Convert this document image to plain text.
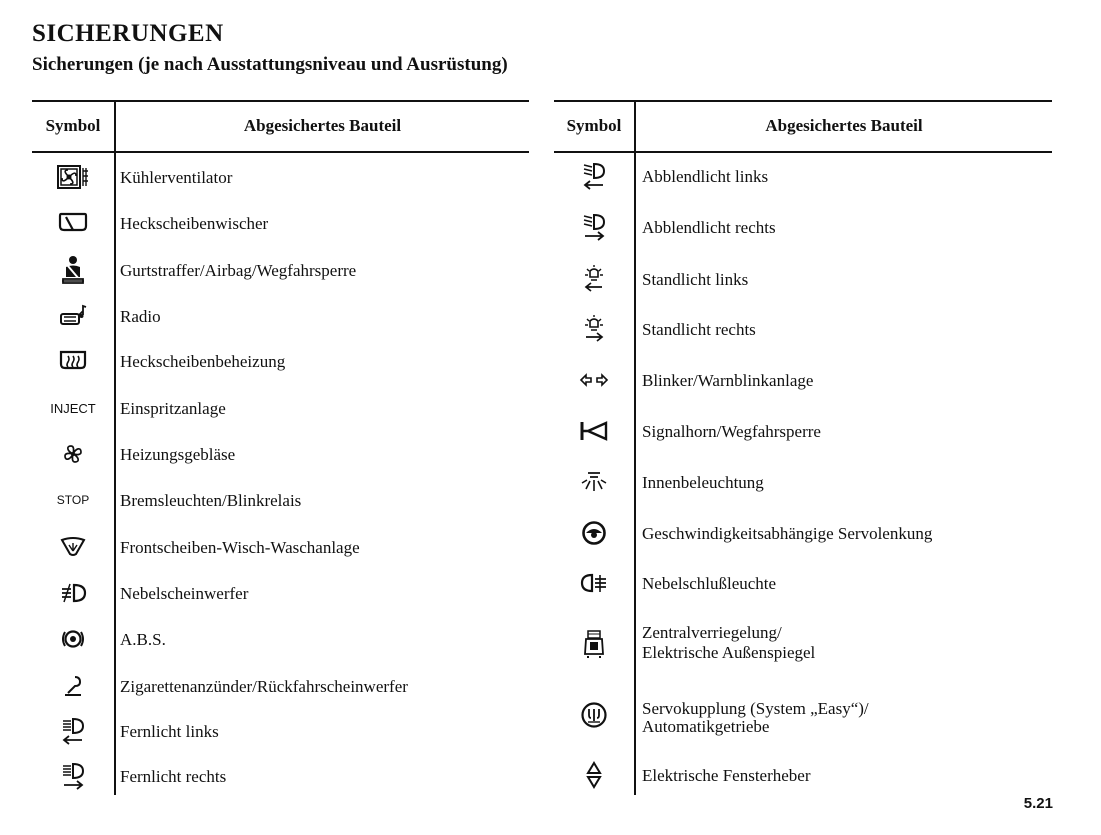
SICHERUNGEN
Sicherungen (je nach Ausstattungsniveau und Ausrüstung)
Symbol	Abgesichertes Bauteil
Kühlerventilator
Heckscheibenwischer
Gurtstraffer/Airbag/Wegfahrsperre
Radio
Heckscheibenbeheizung
INJECT Einspritzanlage
Heizungsgebläse
STOP Bremsleuchten/Blinkrelais
Frontscheiben-Wisch-Waschanlage
Nebelscheinwerfer
A.B.S.
Zigarettenanzünder/Rückfahrscheinwerfer
Fernlicht links
Fernlicht rechts
Symbol	Abgesichertes Bauteil
Abblendlicht links
Abblendlicht rechts
Standlicht links
Standlicht rechts
Blinker/Warnblinkanlage
Signalhorn/Wegfahrsperre
Innenbeleuchtung
Geschwindigkeitsabhängige Servolenkung
Nebelschlußleuchte
Zentralverriegelung/
Elektrische Außenspiegel
Servokupplung (System „Easy“)/
Automatikgetriebe
Elektrische Fensterheber
5.21
